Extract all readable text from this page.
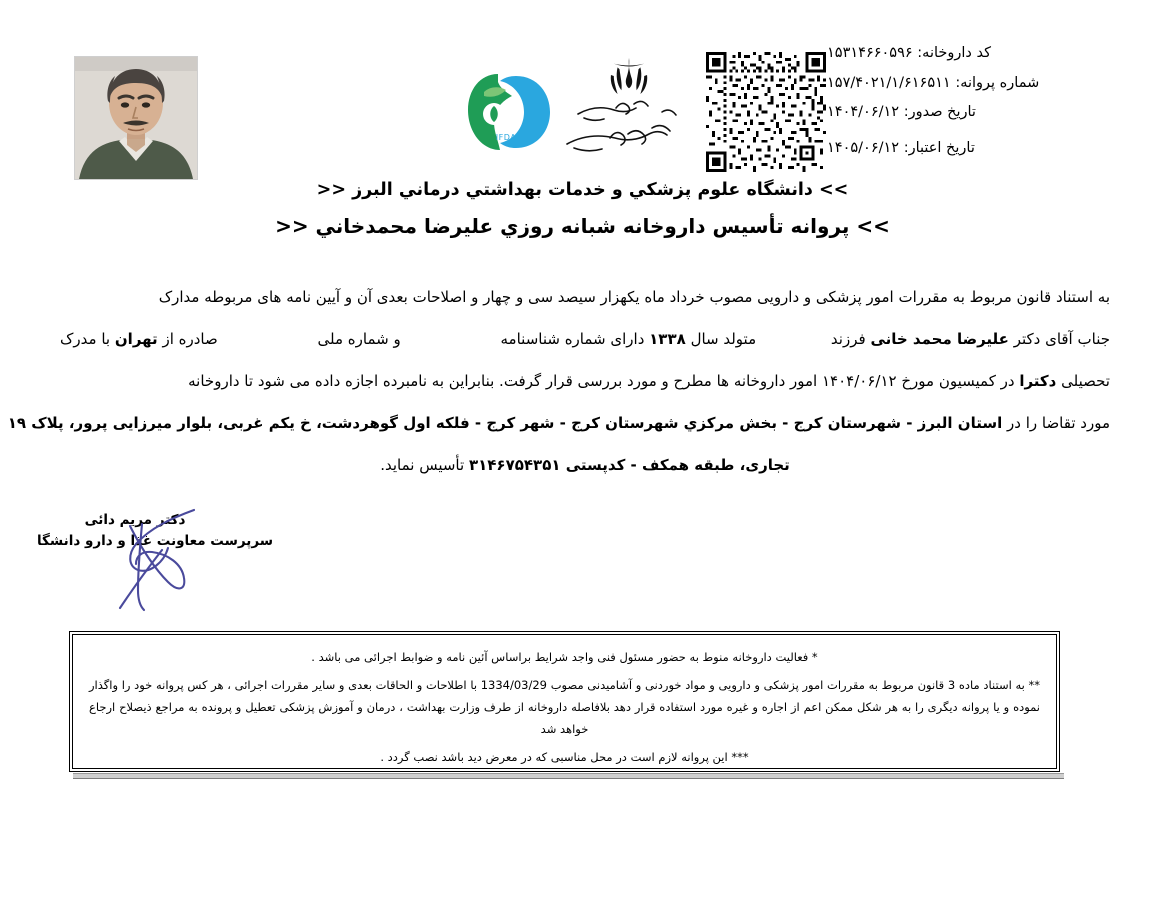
IFDA
کد داروخانه: ۱۵۳۱۴۶۶۰۵۹۶
شماره پروانه: ۱۵۷/۴۰۲۱/۱/۶۱۶۵۱۱
تاریخ صدور: ۱۴۰۴/۰۶/۱۲
تاریخ اعتبار: ۱۴۰۵/۰۶/۱۲
>> دانشگاه علوم پزشكي و خدمات بهداشتي درماني البرز <<
>> پروانه تأسيس داروخانه شبانه روزي عليرضا محمدخاني <<
به استناد قانون مربوط به مقررات امور پزشکی و دارویی مصوب خرداد ماه یکهزار سیصد سی و چهار و اصلاحات بعدی آن و آیین نامه های مربوطه مدارک
جناب آقای دکتر علیرضا محمد خانی فرزند
متولد سال ۱۳۳۸ دارای شماره شناسنامه
و شماره ملی
صادره از تهران با مدرک
تحصیلی دکترا در کمیسیون مورخ ۱۴۰۴/۰۶/۱۲ امور داروخانه ها مطرح و مورد بررسی قرار گرفت. بنابراین به نامبرده اجازه داده می شود تا داروخانه
مورد تقاضا را در استان البرز - شهرستان كرج - بخش مركزي شهرستان كرج - شهر كرج - فلكه اول گوهردشت، خ یکم غربی، بلوار میرزایی پرور، پلاک ۱۹
تجاری، طبقه همکف - کدپستی ۳۱۴۶۷۵۴۳۵۱ تأسیس نماید.
دکتر مریم دائی
سرپرست معاونت غذا و دارو دانشگا
* فعالیت داروخانه منوط به حضور مسئول فنی واجد شرایط براساس آئین نامه و ضوابط اجرائی می باشد .
** به استناد ماده 3 قانون مربوط به مقررات امور پزشکی و دارویی و مواد خوردنی و آشامیدنی مصوب 1334/03/29 با اطلاحات و الحاقات بعدی و سایر مقررات اجرائی ، هر کس پروانه خود را واگذار نموده و یا پروانه دیگری را به هر شکل ممکن اعم از اجاره و غیره مورد استفاده قرار دهد بلافاصله داروخانه از طرف وزارت بهداشت ، درمان و آموزش پزشکی تعطیل و پرونده به مراجع ذیصلاح ارجاع خواهد شد
*** این پروانه لازم است در محل مناسبی که در معرض دید باشد نصب گردد .
